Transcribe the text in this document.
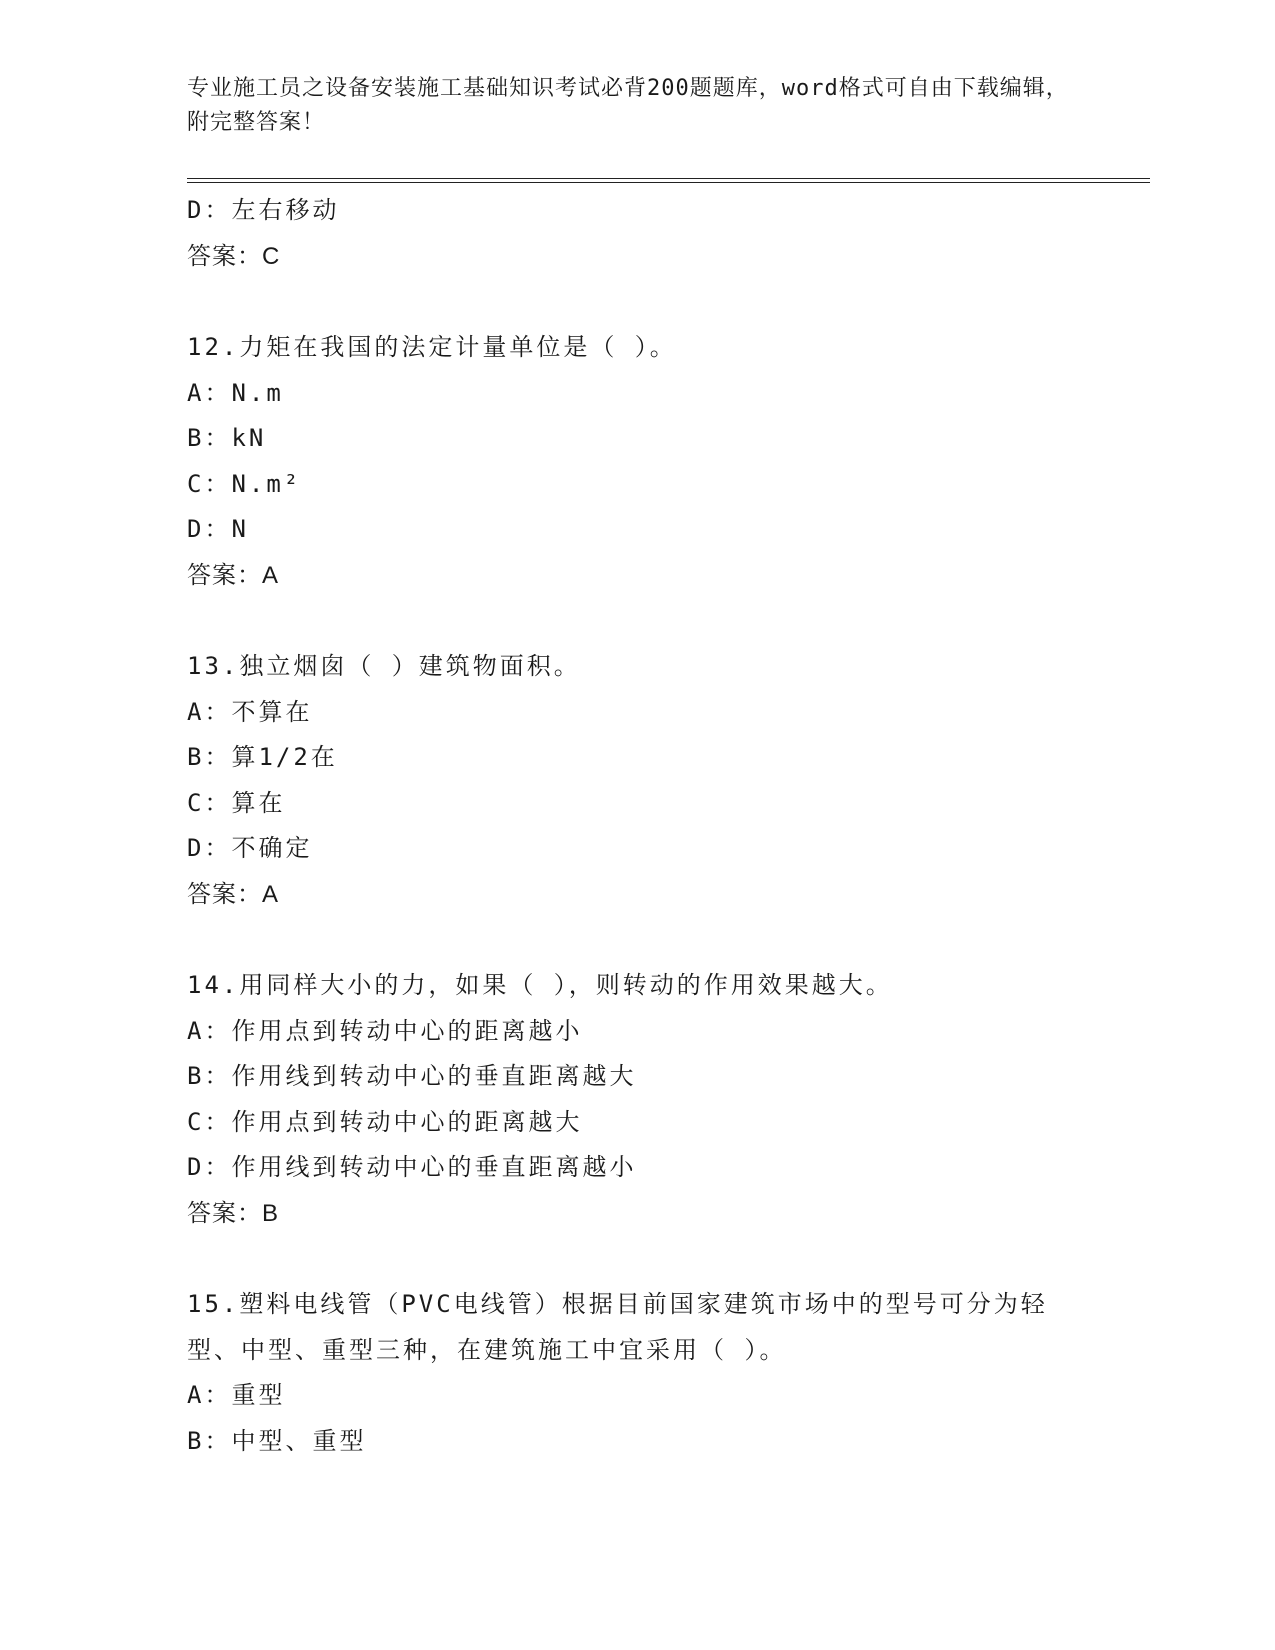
专业施工员之设备安装施工基础知识考试必背200题题库，word格式可自由下载编辑，附完整答案！
D：左右移动
答案：C
12.力矩在我国的法定计量单位是（ ）。
A：N.m
B：kN
C：N.m²
D：N
答案：A
13.独立烟囱（ ）建筑物面积。
A：不算在
B：算1/2在
C：算在
D：不确定
答案：A
14.用同样大小的力，如果（ ），则转动的作用效果越大。
A：作用点到转动中心的距离越小
B：作用线到转动中心的垂直距离越大
C：作用点到转动中心的距离越大
D：作用线到转动中心的垂直距离越小
答案：B
15.塑料电线管（PVC电线管）根据目前国家建筑市场中的型号可分为轻型、中型、重型三种，在建筑施工中宜采用（ ）。
A：重型
B：中型、重型
